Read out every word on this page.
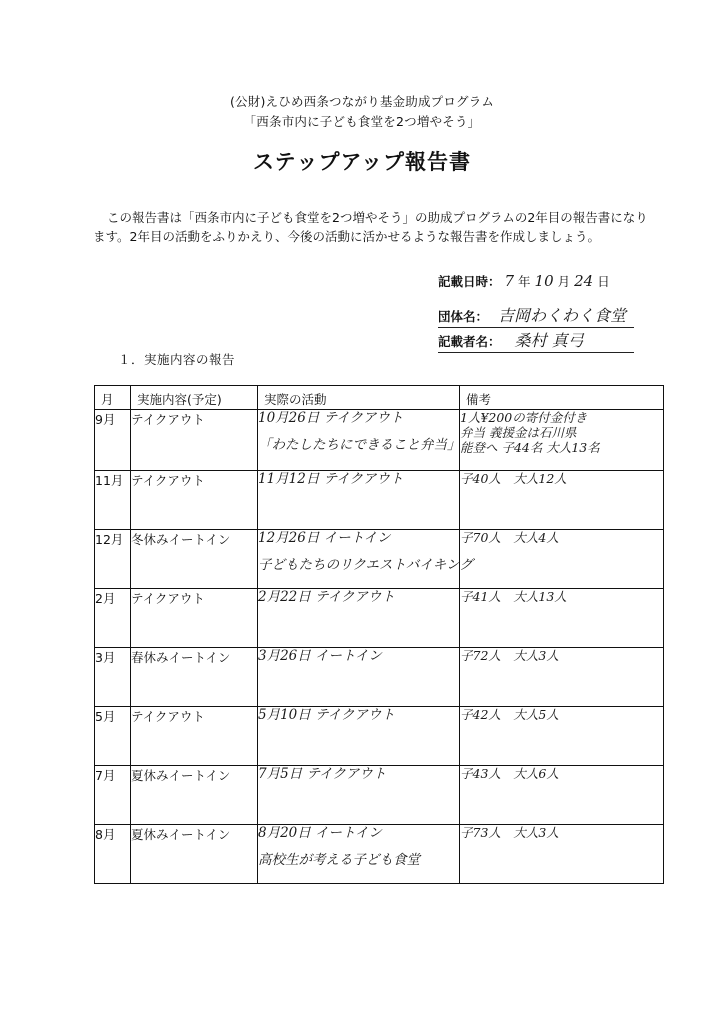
(公財)えひめ西条つながり基金助成プログラム
「西条市内に子ども食堂を2つ増やそう」
ステップアップ報告書

この報告書は「西条市内に子ども食堂を2つ増やそう」の助成プログラムの2年目の報告書になります。2年目の活動をふりかえり、今後の活動に活かせるような報告書を作成しましょう。

記載日時： 7 年 10 月 24 日
団体名： 吉岡わくわく食堂
記載者名： 桑村 真弓
１．実施内容の報告
月	実施内容(予定)	実際の活動	備考
9月	テイクアウト	10月26日 テイクアウト
「わたしたちにできること弁当」	1人¥200の寄付金付き
弁当 義援金は石川県
能登へ 子44名 大人13名

11月	テイクアウト	11月12日 テイクアウト	子40人　大人12人

12月	冬休みイートイン	12月26日 イートイン
子どもたちのリクエストバイキング	子70人　大人4人

2月	テイクアウト	2月22日 テイクアウト	子41人　大人13人

3月	春休みイートイン	3月26日 イートイン	子72人　大人3人

5月	テイクアウト	5月10日 テイクアウト	子42人　大人5人

7月	夏休みイートイン	7月5日 テイクアウト	子43人　大人6人

8月	夏休みイートイン	8月20日 イートイン
高校生が考える子ども食堂	子73人　大人3人
